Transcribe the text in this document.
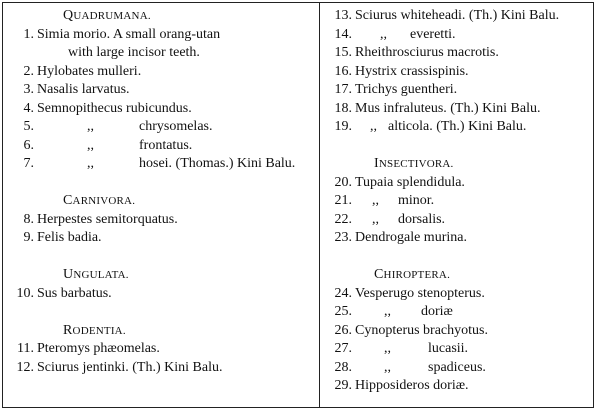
QUADRUMANA.
1. Simia morio. A small orang-utan
with large incisor teeth.
2. Hylobates mulleri.
3. Nasalis larvatus.
4. Semnopithecus rubicundus.
5.	,,	chrysomelas.
6.	,,	frontatus.
7.	,,	hosei. (Thomas.) Kini Balu.
CARNIVORA.
8. Herpestes semitorquatus.
9. Felis badia.
UNGULATA.
10. Sus barbatus.
RODENTIA.
11. Pteromys phæomelas.
12. Sciurus jentinki. (Th.) Kini Balu.
13. Sciurus whiteheadi. (Th.) Kini Balu.
14. ,, everetti.
15. Rheithrosciurus macrotis.
16. Hystrix crassispinis.
17. Trichys guentheri.
18. Mus infraluteus. (Th.) Kini Balu.
19. ,, alticola. (Th.) Kini Balu.
INSECTIVORA.
20. Tupaia splendidula.
21. ,, minor.
22. ,, dorsalis.
23. Dendrogale murina.
CHIROPTERA.
24. Vesperugo stenopterus.
25. ,, doriæ
26. Cynopterus brachyotus.
27. ,,	lucasii.
28. ,,	spadiceus.
29. Hipposideros doriæ.
